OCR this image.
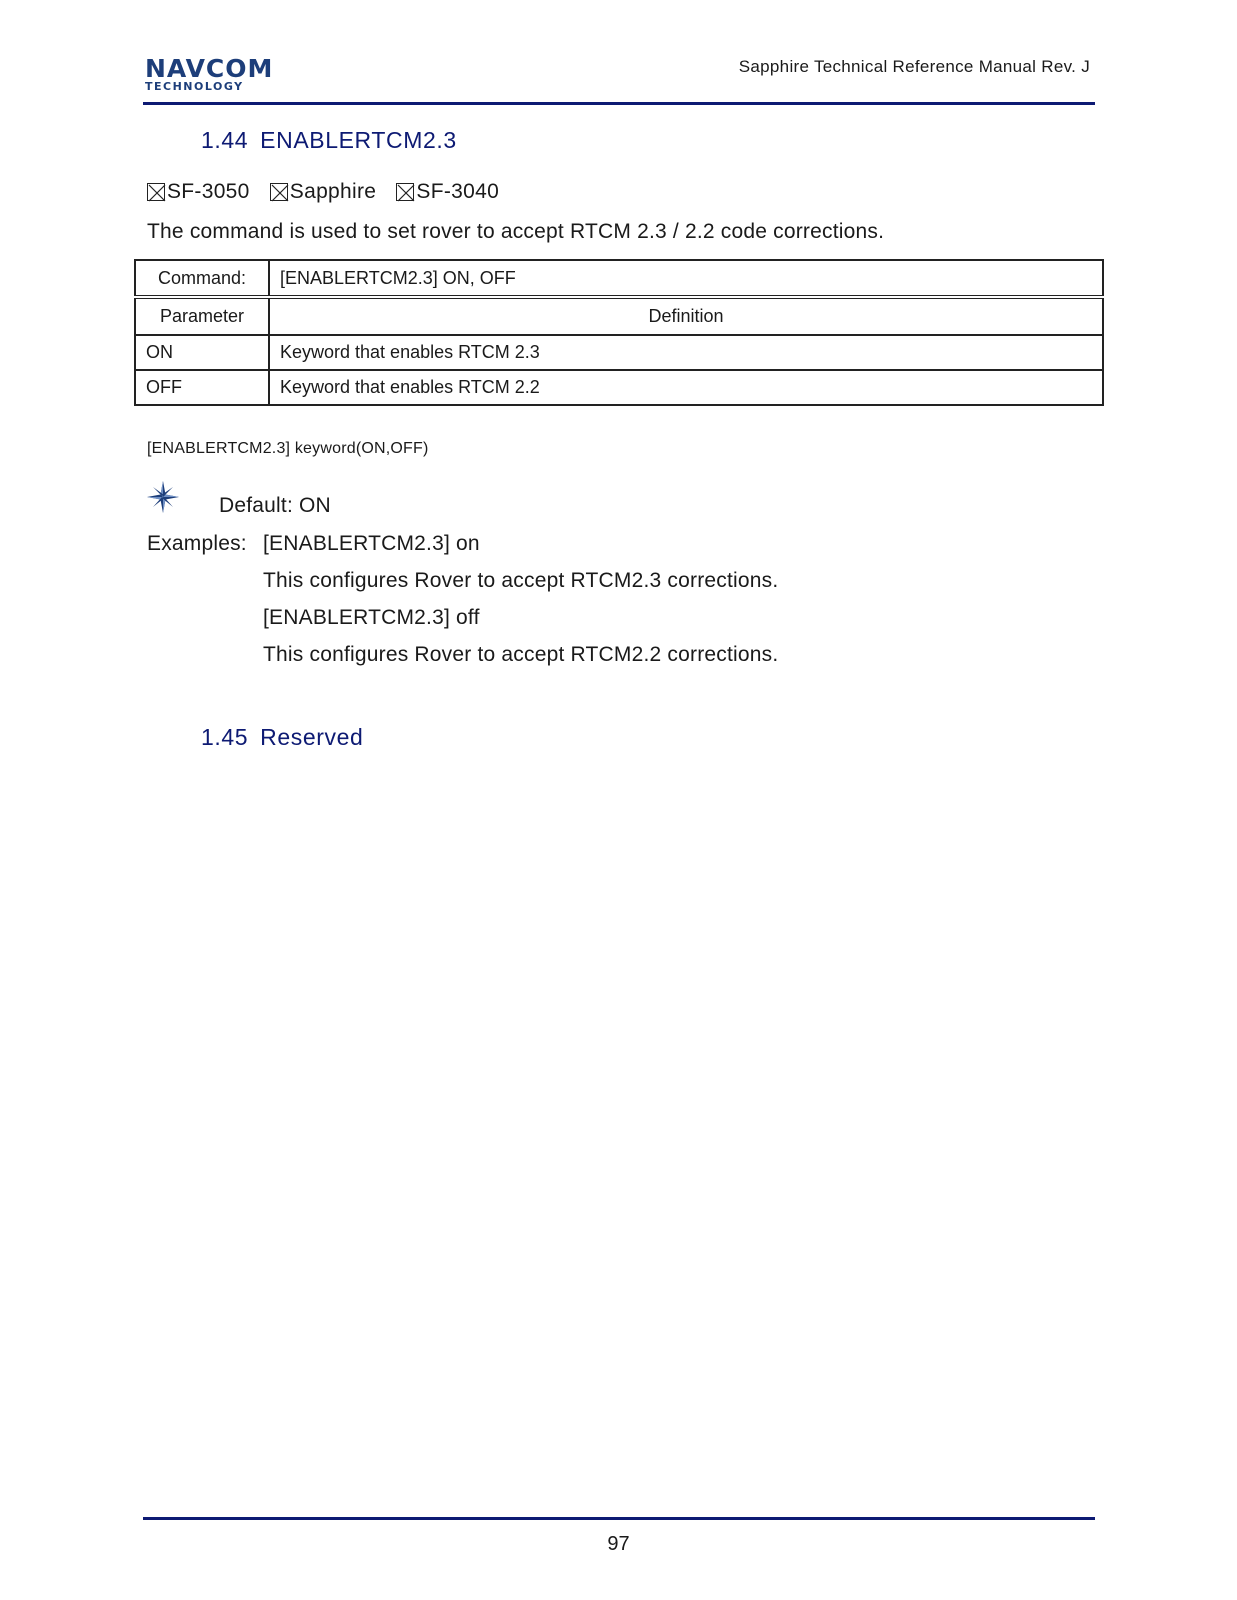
NAVCOM
TECHNOLOGY
Sapphire Technical Reference Manual Rev. J
1.44 ENABLERTCM2.3
SF-3050
Sapphire
SF-3040
The command is used to set rover to accept RTCM 2.3 / 2.2 code corrections.
Command:	[ENABLERTCM2.3] ON, OFF
Parameter	Definition
ON	Keyword that enables RTCM 2.3
OFF	Keyword that enables RTCM 2.2
[ENABLERTCM2.3] keyword(ON,OFF)
Default: ON
Examples: [ENABLERTCM2.3] on
This configures Rover to accept RTCM2.3 corrections.
[ENABLERTCM2.3] off
This configures Rover to accept RTCM2.2 corrections.
1.45 Reserved
97
